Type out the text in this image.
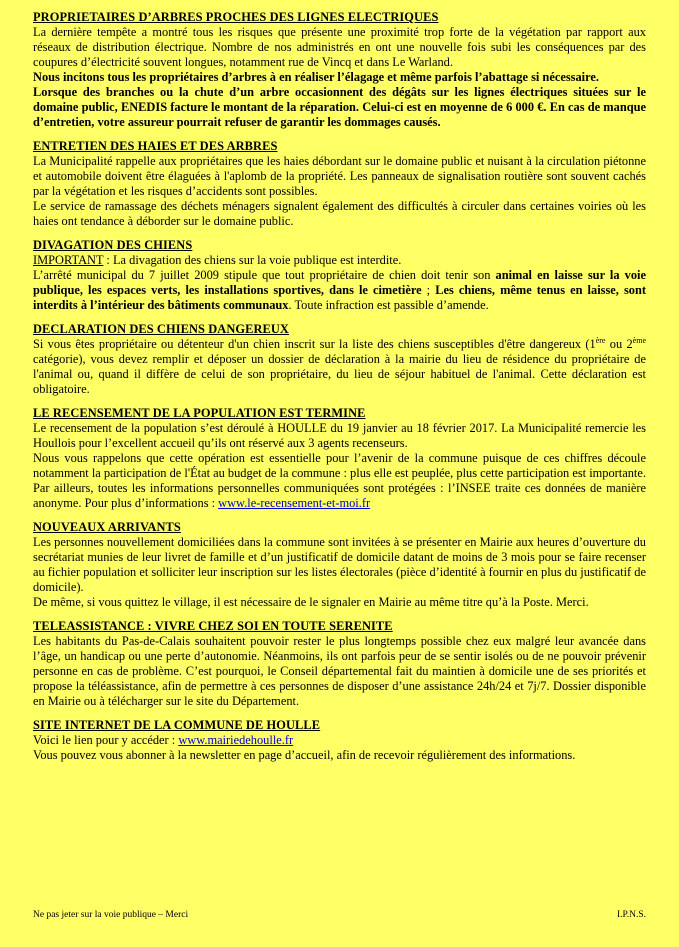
PROPRIETAIRES D’ARBRES PROCHES DES LIGNES ELECTRIQUES

La dernière tempête a montré tous les risques que présente une proximité trop forte de la végétation par rapport aux réseaux de distribution électrique. Nombre de nos administrés en ont une nouvelle fois subi les conséquences par des coupures d’électricité souvent longues, notamment rue de Vincq et dans Le Warland.

Nous incitons tous les propriétaires d’arbres à en réaliser l’élagage et même parfois l’abattage si nécessaire.

Lorsque des branches ou la chute d’un arbre occasionnent des dégâts sur les lignes électriques situées sur le domaine public, ENEDIS facture le montant de la réparation. Celui-ci est en moyenne de 6 000 €. En cas de manque d’entretien, votre assureur pourrait refuser de garantir les dommages causés.

ENTRETIEN DES HAIES ET DES ARBRES

La Municipalité rappelle aux propriétaires que les haies débordant sur le domaine public et nuisant à la circulation piétonne et automobile doivent être élaguées à l'aplomb de la propriété. Les panneaux de signalisation routière sont souvent cachés par la végétation et les risques d’accidents sont possibles.

Le service de ramassage des déchets ménagers signalent également des difficultés à circuler dans certaines voiries où les haies ont tendance à déborder sur le domaine public.

DIVAGATION DES CHIENS

IMPORTANT : La divagation des chiens sur la voie publique est interdite.

L’arrêté municipal du 7 juillet 2009 stipule que tout propriétaire de chien doit tenir son animal en laisse sur la voie publique, les espaces verts, les installations sportives, dans le cimetière ; Les chiens, même tenus en laisse, sont interdits à l’intérieur des bâtiments communaux. Toute infraction est passible d’amende.

DECLARATION DES CHIENS DANGEREUX

Si vous êtes propriétaire ou détenteur d'un chien inscrit sur la liste des chiens susceptibles d'être dangereux (1ère ou 2ème catégorie), vous devez remplir et déposer un dossier de déclaration à la mairie du lieu de résidence du propriétaire de l'animal ou, quand il diffère de celui de son propriétaire, du lieu de séjour habituel de l'animal. Cette déclaration est obligatoire.

LE RECENSEMENT DE LA POPULATION EST TERMINE

Le recensement de la population s’est déroulé à HOULLE du 19 janvier au 18 février 2017. La Municipalité remercie les Houllois pour l’excellent accueil qu’ils ont réservé aux 3 agents recenseurs.

Nous vous rappelons que cette opération est essentielle pour l’avenir de la commune puisque de ces chiffres découle notamment la participation de l'État au budget de la commune : plus elle est peuplée, plus cette participation est importante.

Par ailleurs, toutes les informations personnelles communiquées sont protégées : l’INSEE traite ces données de manière anonyme. Pour plus d’informations : www.le-recensement-et-moi.fr

NOUVEAUX ARRIVANTS

Les personnes nouvellement domiciliées dans la commune sont invitées à se présenter en Mairie aux heures d’ouverture du secrétariat munies de leur livret de famille et d’un justificatif de domicile datant de moins de 3 mois pour se faire recenser au fichier population et solliciter leur inscription sur les listes électorales (pièce d’identité à fournir en plus du justificatif de domicile).

De même, si vous quittez le village, il est nécessaire de le signaler en Mairie au même titre qu’à la Poste. Merci.

TELEASSISTANCE : VIVRE CHEZ SOI EN TOUTE SERENITE

Les habitants du Pas-de-Calais souhaitent pouvoir rester le plus longtemps possible chez eux malgré leur avancée dans l’âge, un handicap ou une perte d’autonomie. Néanmoins, ils ont parfois peur de se sentir isolés ou de ne pouvoir prévenir personne en cas de problème. C’est pourquoi, le Conseil départemental fait du maintien à domicile une de ses priorités et propose la téléassistance, afin de permettre à ces personnes de disposer d’une assistance 24h/24 et 7j/7. Dossier disponible en Mairie ou à télécharger sur le site du Département.

SITE INTERNET DE LA COMMUNE DE HOULLE

Voici le lien pour y accéder : www.mairiedehoulle.fr

Vous pouvez vous abonner à la newsletter en page d’accueil, afin de recevoir régulièrement des informations.

Ne pas jeter sur la voie publique – Merci	I.P.N.S.
